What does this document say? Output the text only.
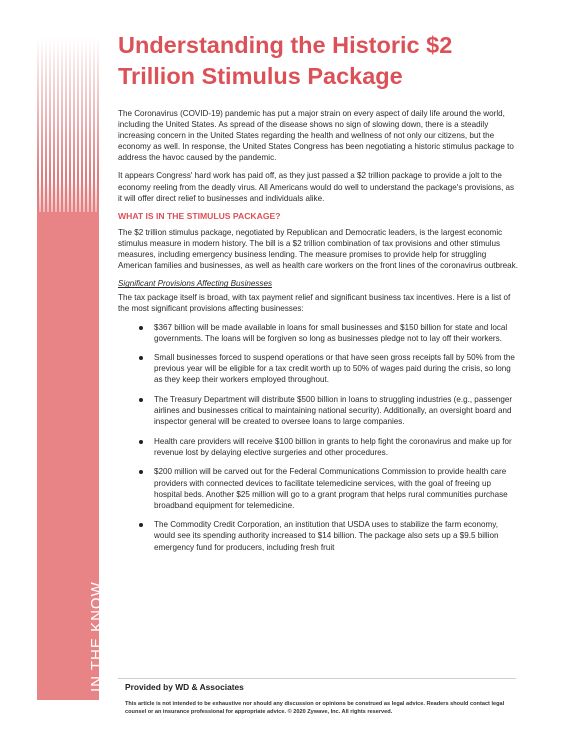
IN THE KNOW
Understanding the Historic $2 Trillion Stimulus Package

The Coronavirus (COVID-19) pandemic has put a major strain on every aspect of daily life around the world, including the United States. As spread of the disease shows no sign of slowing down, there is a steadily increasing concern in the United States regarding the health and wellness of not only our citizens, but the economy as well. In response, the United States Congress has been negotiating a historic stimulus package to address the havoc caused by the pandemic.

It appears Congress' hard work has paid off, as they just passed a $2 trillion package to provide a jolt to the economy reeling from the deadly virus. All Americans would do well to understand the package's provisions, as it will offer direct relief to businesses and individuals alike.

WHAT IS IN THE STIMULUS PACKAGE?

The $2 trillion stimulus package, negotiated by Republican and Democratic leaders, is the largest economic stimulus measure in modern history. The bill is a $2 trillion combination of tax provisions and other stimulus measures, including emergency business lending. The measure promises to provide help for struggling American families and businesses, as well as health care workers on the front lines of the coronavirus outbreak.

Significant Provisions Affecting Businesses

The tax package itself is broad, with tax payment relief and significant business tax incentives. Here is a list of the most significant provisions affecting businesses:

$367 billion will be made available in loans for small businesses and $150 billion for state and local governments. The loans will be forgiven so long as businesses pledge not to lay off their workers.
Small businesses forced to suspend operations or that have seen gross receipts fall by 50% from the previous year will be eligible for a tax credit worth up to 50% of wages paid during the crisis, so long as they keep their workers employed throughout.
The Treasury Department will distribute $500 billion in loans to struggling industries (e.g., passenger airlines and businesses critical to maintaining national security). Additionally, an oversight board and inspector general will be created to oversee loans to large companies.
Health care providers will receive $100 billion in grants to help fight the coronavirus and make up for revenue lost by delaying elective surgeries and other procedures.
$200 million will be carved out for the Federal Communications Commission to provide health care providers with connected devices to facilitate telemedicine services, with the goal of freeing up hospital beds. Another $25 million will go to a grant program that helps rural communities purchase broadband equipment for telemedicine.
The Commodity Credit Corporation, an institution that USDA uses to stabilize the farm economy, would see its spending authority increased to $14 billion. The package also sets up a $9.5 billion emergency fund for producers, including fresh fruit
Provided by WD & Associates
This article is not intended to be exhaustive nor should any discussion or opinions be construed as legal advice. Readers should contact legal counsel or an insurance professional for appropriate advice. © 2020 Zywave, Inc. All rights reserved.
